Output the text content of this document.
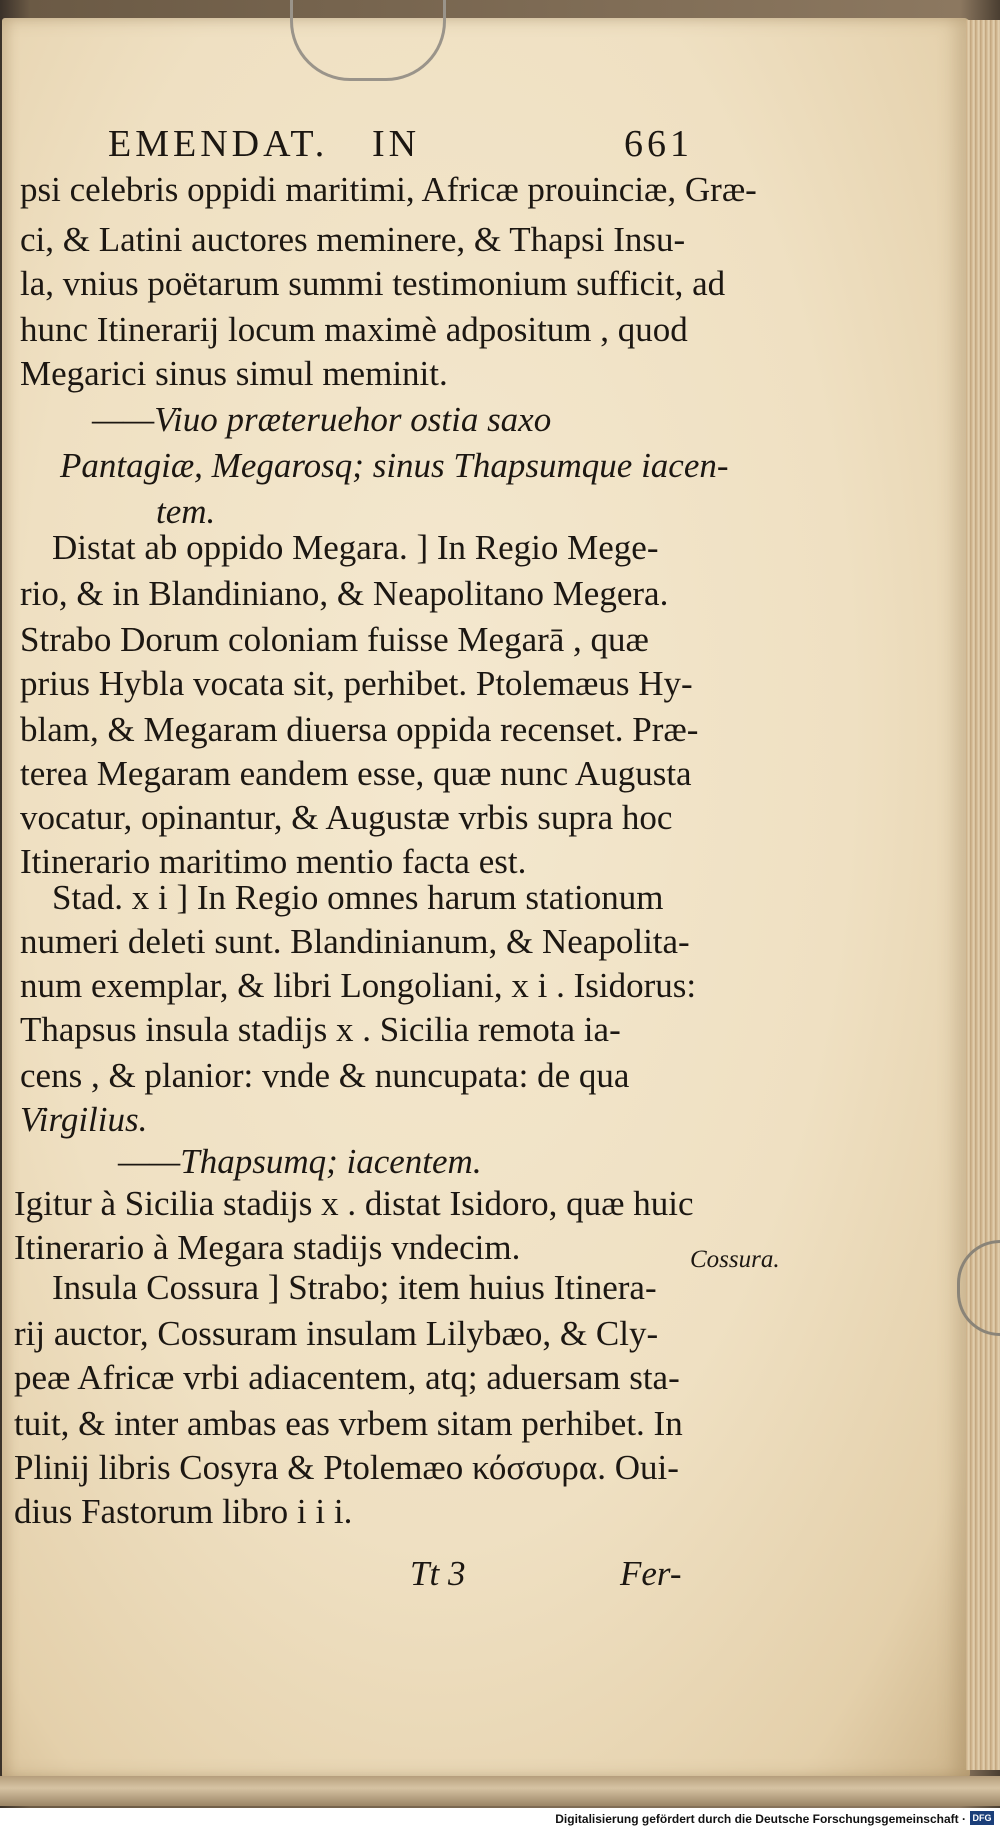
EMENDAT. IN	661
psi celebris oppidi maritimi, Africæ prouinciæ, Græ-
ci, & Latini auctores meminere, & Thapsi Insu-
la, vnius poëtarum summi testimonium sufficit, ad
hunc Itinerarij locum maximè adpositum , quod
Megarici sinus simul meminit.
——Viuo præteruehor ostia saxo
Pantagiæ, Megarosq; sinus Thapsumque iacen-
tem.
Distat ab oppido Megara. ] In Regio Mege-
rio, & in Blandiniano, & Neapolitano Megera.
Strabo Dorum coloniam fuisse Megarā , quæ
prius Hybla vocata sit, perhibet. Ptolemæus Hy-
blam, & Megaram diuersa oppida recenset. Præ-
terea Megaram eandem esse, quæ nunc Augusta
vocatur, opinantur, & Augustæ vrbis supra hoc
Itinerario maritimo mentio facta est.
Stad. x i ] In Regio omnes harum stationum
numeri deleti sunt. Blandinianum, & Neapolita-
num exemplar, & libri Longoliani, x i . Isidorus:
Thapsus insula stadijs x . Sicilia remota ia-
cens , & planior: vnde & nuncupata: de qua
Virgilius.
——Thapsumq; iacentem.
Igitur à Sicilia stadijs x . distat Isidoro, quæ huic
Itinerario à Megara stadijs vndecim.
Insula Cossura ] Strabo; item huius Itinera-
rij auctor, Cossuram insulam Lilybæo, & Cly-
peæ Africæ vrbi adiacentem, atq; aduersam sta-
tuit, & inter ambas eas vrbem sitam perhibet. In
Plinij libris Cosyra & Ptolemæo κόσσυρα. Oui-
dius Fastorum libro i i i.
Cossura.
Tt 3	Fer-
Digitalisierung gefördert durch die Deutsche Forschungsgemeinschaft · DFG
